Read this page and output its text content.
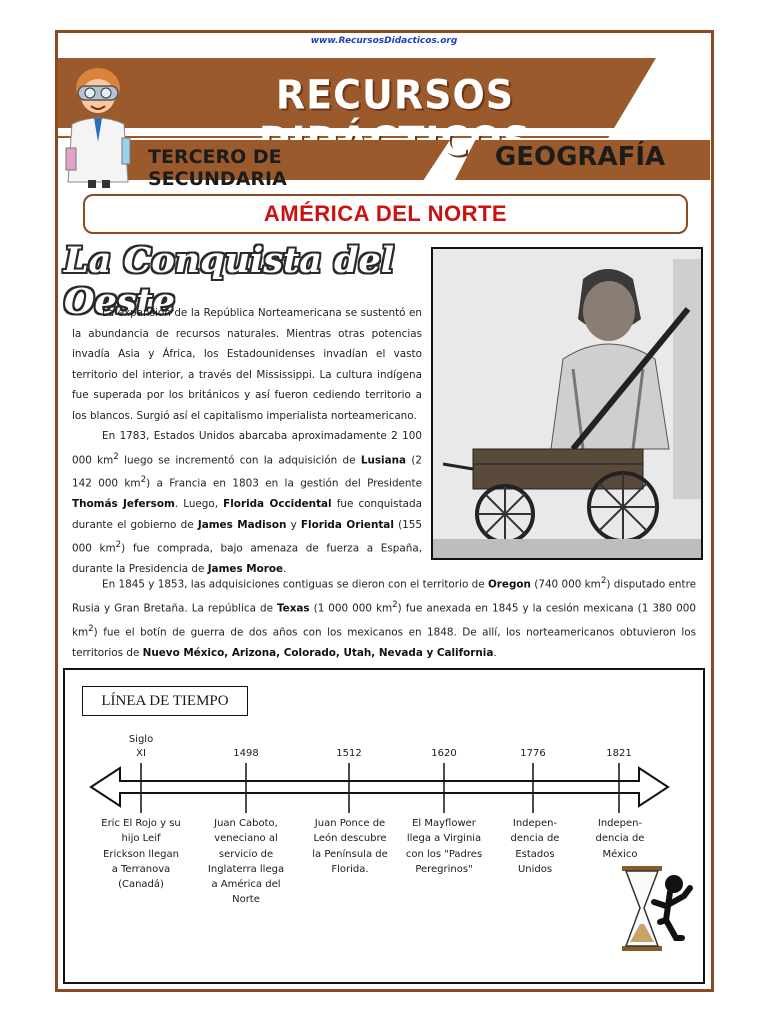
www.RecursosDidacticos.org
RECURSOS
TERCERO DE SECUNDARIA
GEOGRAFÍA
AMÉRICA DEL NORTE
La Conquista del Oeste

La expansión de la República Norteamericana se sustentó en la abundancia de recursos naturales. Mientras otras potencias invadía Asia y África, los Estadounidenses invadían el vasto territorio del interior, a través del Mississippi. La cultura indígena fue superada por los británicos y así fueron cediendo territorio a los blancos. Surgió así el capitalismo imperialista norteamericano.

En 1783, Estados Unidos abarcaba aproximadamente 2 100 000 $km^2$ luego se incrementó con la adquisición de Lusiana (2 142 000 $km^2$) a Francia en 1803 en la gestión del Presidente Thomás Jefersom. Luego, Florida Occidental fue conquistada durante el gobierno de James Madison y Florida Oriental (155 000 $km^2$) fue comprada, bajo amenaza de fuerza a España, durante la Presidencia de James Moroe.

En 1845 y 1853, las adquisiciones contiguas se dieron con el territorio de Oregon (740 000 $km^2$) disputado entre Rusia y Gran Bretaña. La república de Texas (1 000 000 $km^2$) fue anexada en 1845 y la cesión mexicana (1 380 000 $km^2$) fue el botín de guerra de dos años con los mexicanos en 1848. De allí, los norteamericanos obtuvieron los territorios de Nuevo México, Arizona, Colorado, Utah, Nevada y California.

LÍNEA DE TIEMPO
Siglo
XI	1498	1512	1620	1776	1821
Eric El Rojo y su hijo Leif Erickson llegan a Terranova (Canadá)
Juan Caboto, veneciano al servicio de Inglaterra llega a América del Norte
Juan Ponce de León descubre la Península de Florida.
El Mayflower llega a Virginia con los "Padres Peregrinos"
Indepen-dencia de Estados Unidos
Indepen-dencia de México
